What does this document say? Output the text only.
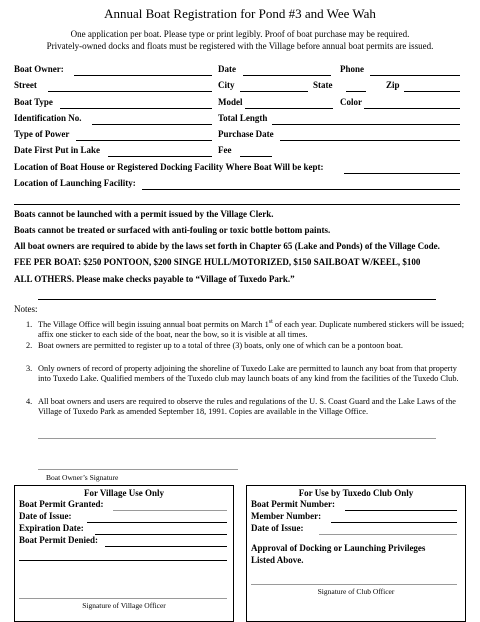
Annual Boat Registration for Pond #3 and Wee Wah
One application per boat. Please type or print legibly. Proof of boat purchase may be required.
Privately-owned docks and floats must be registered with the Village before annual boat permits are issued.
Boat Owner:	Date	Phone
Street	City	State	Zip
Boat Type	Model	Color
Identification No.	Total Length
Type of Power	Purchase Date
Date First Put in Lake	Fee
Location of Boat House or Registered Docking Facility Where Boat Will be kept:
Location of Launching Facility:
Boats cannot be launched with a permit issued by the Village Clerk.
Boats cannot be treated or surfaced with anti-fouling or toxic bottle bottom paints.
All boat owners are required to abide by the laws set forth in Chapter 65 (Lake and Ponds) of the Village Code.
FEE PER BOAT: $250 PONTOON, $200 SINGE HULL/MOTORIZED, $150 SAILBOAT W/KEEL, $100
ALL OTHERS. Please make checks payable to “Village of Tuxedo Park.”
Notes:
1. The Village Office will begin issuing annual boat permits on March 1st of each year. Duplicate numbered stickers will be issued; affix one sticker to each side of the boat, near the bow, so it is visible at all times.
2. Boat owners are permitted to register up to a total of three (3) boats, only one of which can be a pontoon boat.
3. Only owners of record of property adjoining the shoreline of Tuxedo Lake are permitted to launch any boat from that property into Tuxedo Lake. Qualified members of the Tuxedo club may launch boats of any kind from the facilities of the Tuxedo Club.
4. All boat owners and users are required to observe the rules and regulations of the U. S. Coast Guard and the Lake Laws of the Village of Tuxedo Park as amended September 18, 1991. Copies are available in the Village Office.
Boat Owner’s Signature
For Village Use Only
Boat Permit Granted:
Date of Issue:
Expiration Date:
Boat Permit Denied:
Signature of Village Officer
For Use by Tuxedo Club Only
Boat Permit Number:
Member Number:
Date of Issue:
Approval of Docking or Launching Privileges
Listed Above.
Signature of Club Officer
